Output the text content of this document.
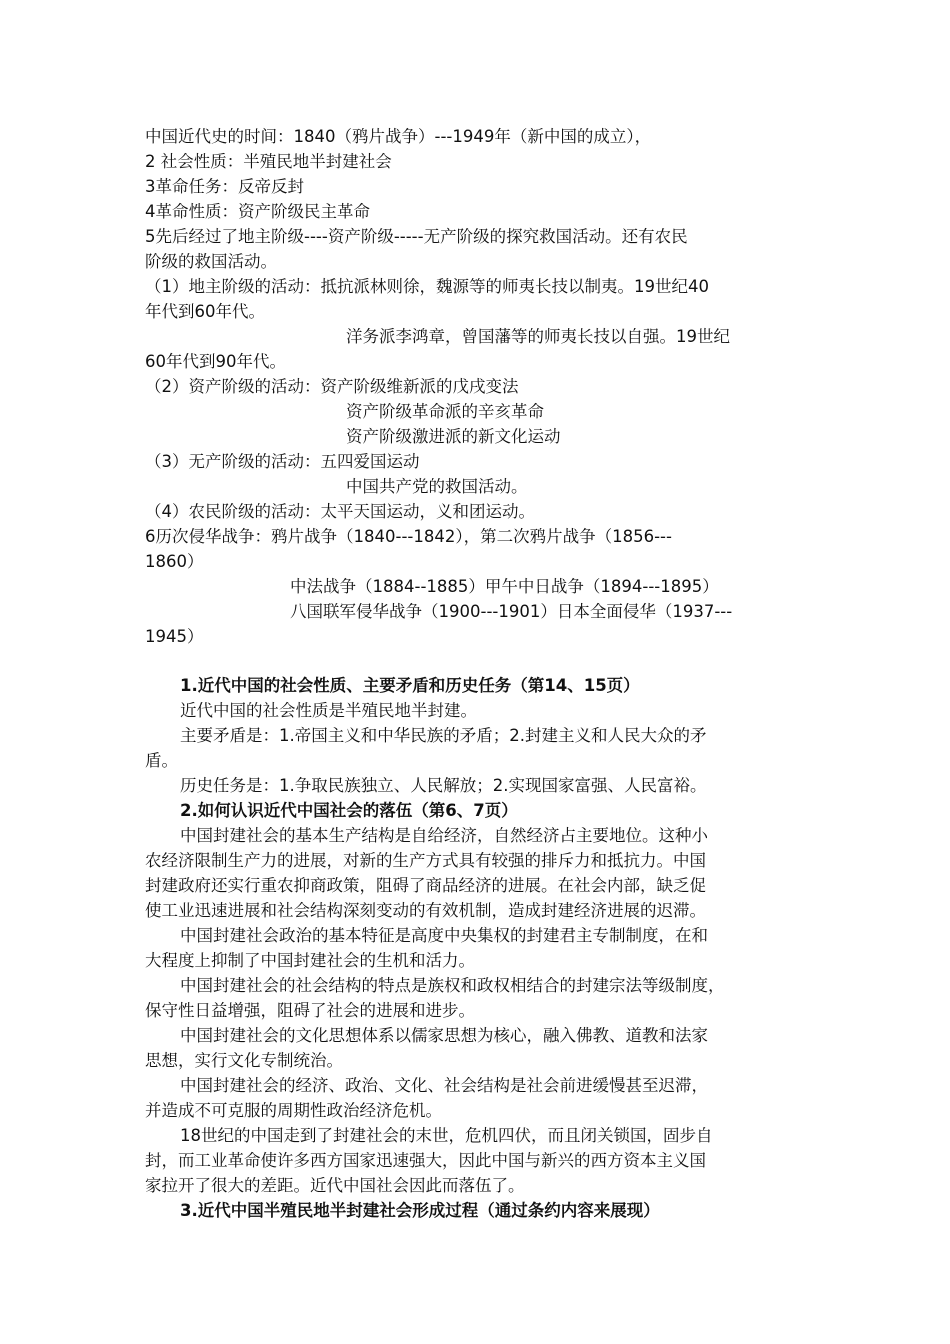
中国近代史的时间：1840（鸦片战争）---1949年（新中国的成立），
2 社会性质：半殖民地半封建社会
3革命任务：反帝反封
4革命性质：资产阶级民主革命
5先后经过了地主阶级----资产阶级-----无产阶级的探究救国活动。还有农民
阶级的救国活动。
（1）地主阶级的活动：抵抗派林则徐，魏源等的师夷长技以制夷。19世纪40
年代到60年代。
洋务派李鸿章，曾国藩等的师夷长技以自强。19世纪
60年代到90年代。
（2）资产阶级的活动：资产阶级维新派的戊戌变法
资产阶级革命派的辛亥革命
资产阶级激进派的新文化运动
（3）无产阶级的活动：五四爱国运动
中国共产党的救国活动。
（4）农民阶级的活动：太平天国运动，义和团运动。
6历次侵华战争：鸦片战争（1840---1842），第二次鸦片战争（1856---
1860）
中法战争（1884--1885）甲午中日战争（1894---1895）
八国联军侵华战争（1900---1901）日本全面侵华（1937---
1945）
1.近代中国的社会性质、主要矛盾和历史任务（第14、15页）
近代中国的社会性质是半殖民地半封建。
主要矛盾是：1.帝国主义和中华民族的矛盾；2.封建主义和人民大众的矛
盾。
历史任务是：1.争取民族独立、人民解放；2.实现国家富强、人民富裕。
2.如何认识近代中国社会的落伍（第6、7页）
中国封建社会的基本生产结构是自给经济，自然经济占主要地位。这种小
农经济限制生产力的进展，对新的生产方式具有较强的排斥力和抵抗力。中国
封建政府还实行重农抑商政策，阻碍了商品经济的进展。在社会内部，缺乏促
使工业迅速进展和社会结构深刻变动的有效机制，造成封建经济进展的迟滞。
中国封建社会政治的基本特征是高度中央集权的封建君主专制制度，在和
大程度上抑制了中国封建社会的生机和活力。
中国封建社会的社会结构的特点是族权和政权相结合的封建宗法等级制度，
保守性日益增强，阻碍了社会的进展和进步。
中国封建社会的文化思想体系以儒家思想为核心，融入佛教、道教和法家
思想，实行文化专制统治。
中国封建社会的经济、政治、文化、社会结构是社会前进缓慢甚至迟滞，
并造成不可克服的周期性政治经济危机。
18世纪的中国走到了封建社会的末世，危机四伏，而且闭关锁国，固步自
封，而工业革命使许多西方国家迅速强大，因此中国与新兴的西方资本主义国
家拉开了很大的差距。近代中国社会因此而落伍了。
3.近代中国半殖民地半封建社会形成过程（通过条约内容来展现）
